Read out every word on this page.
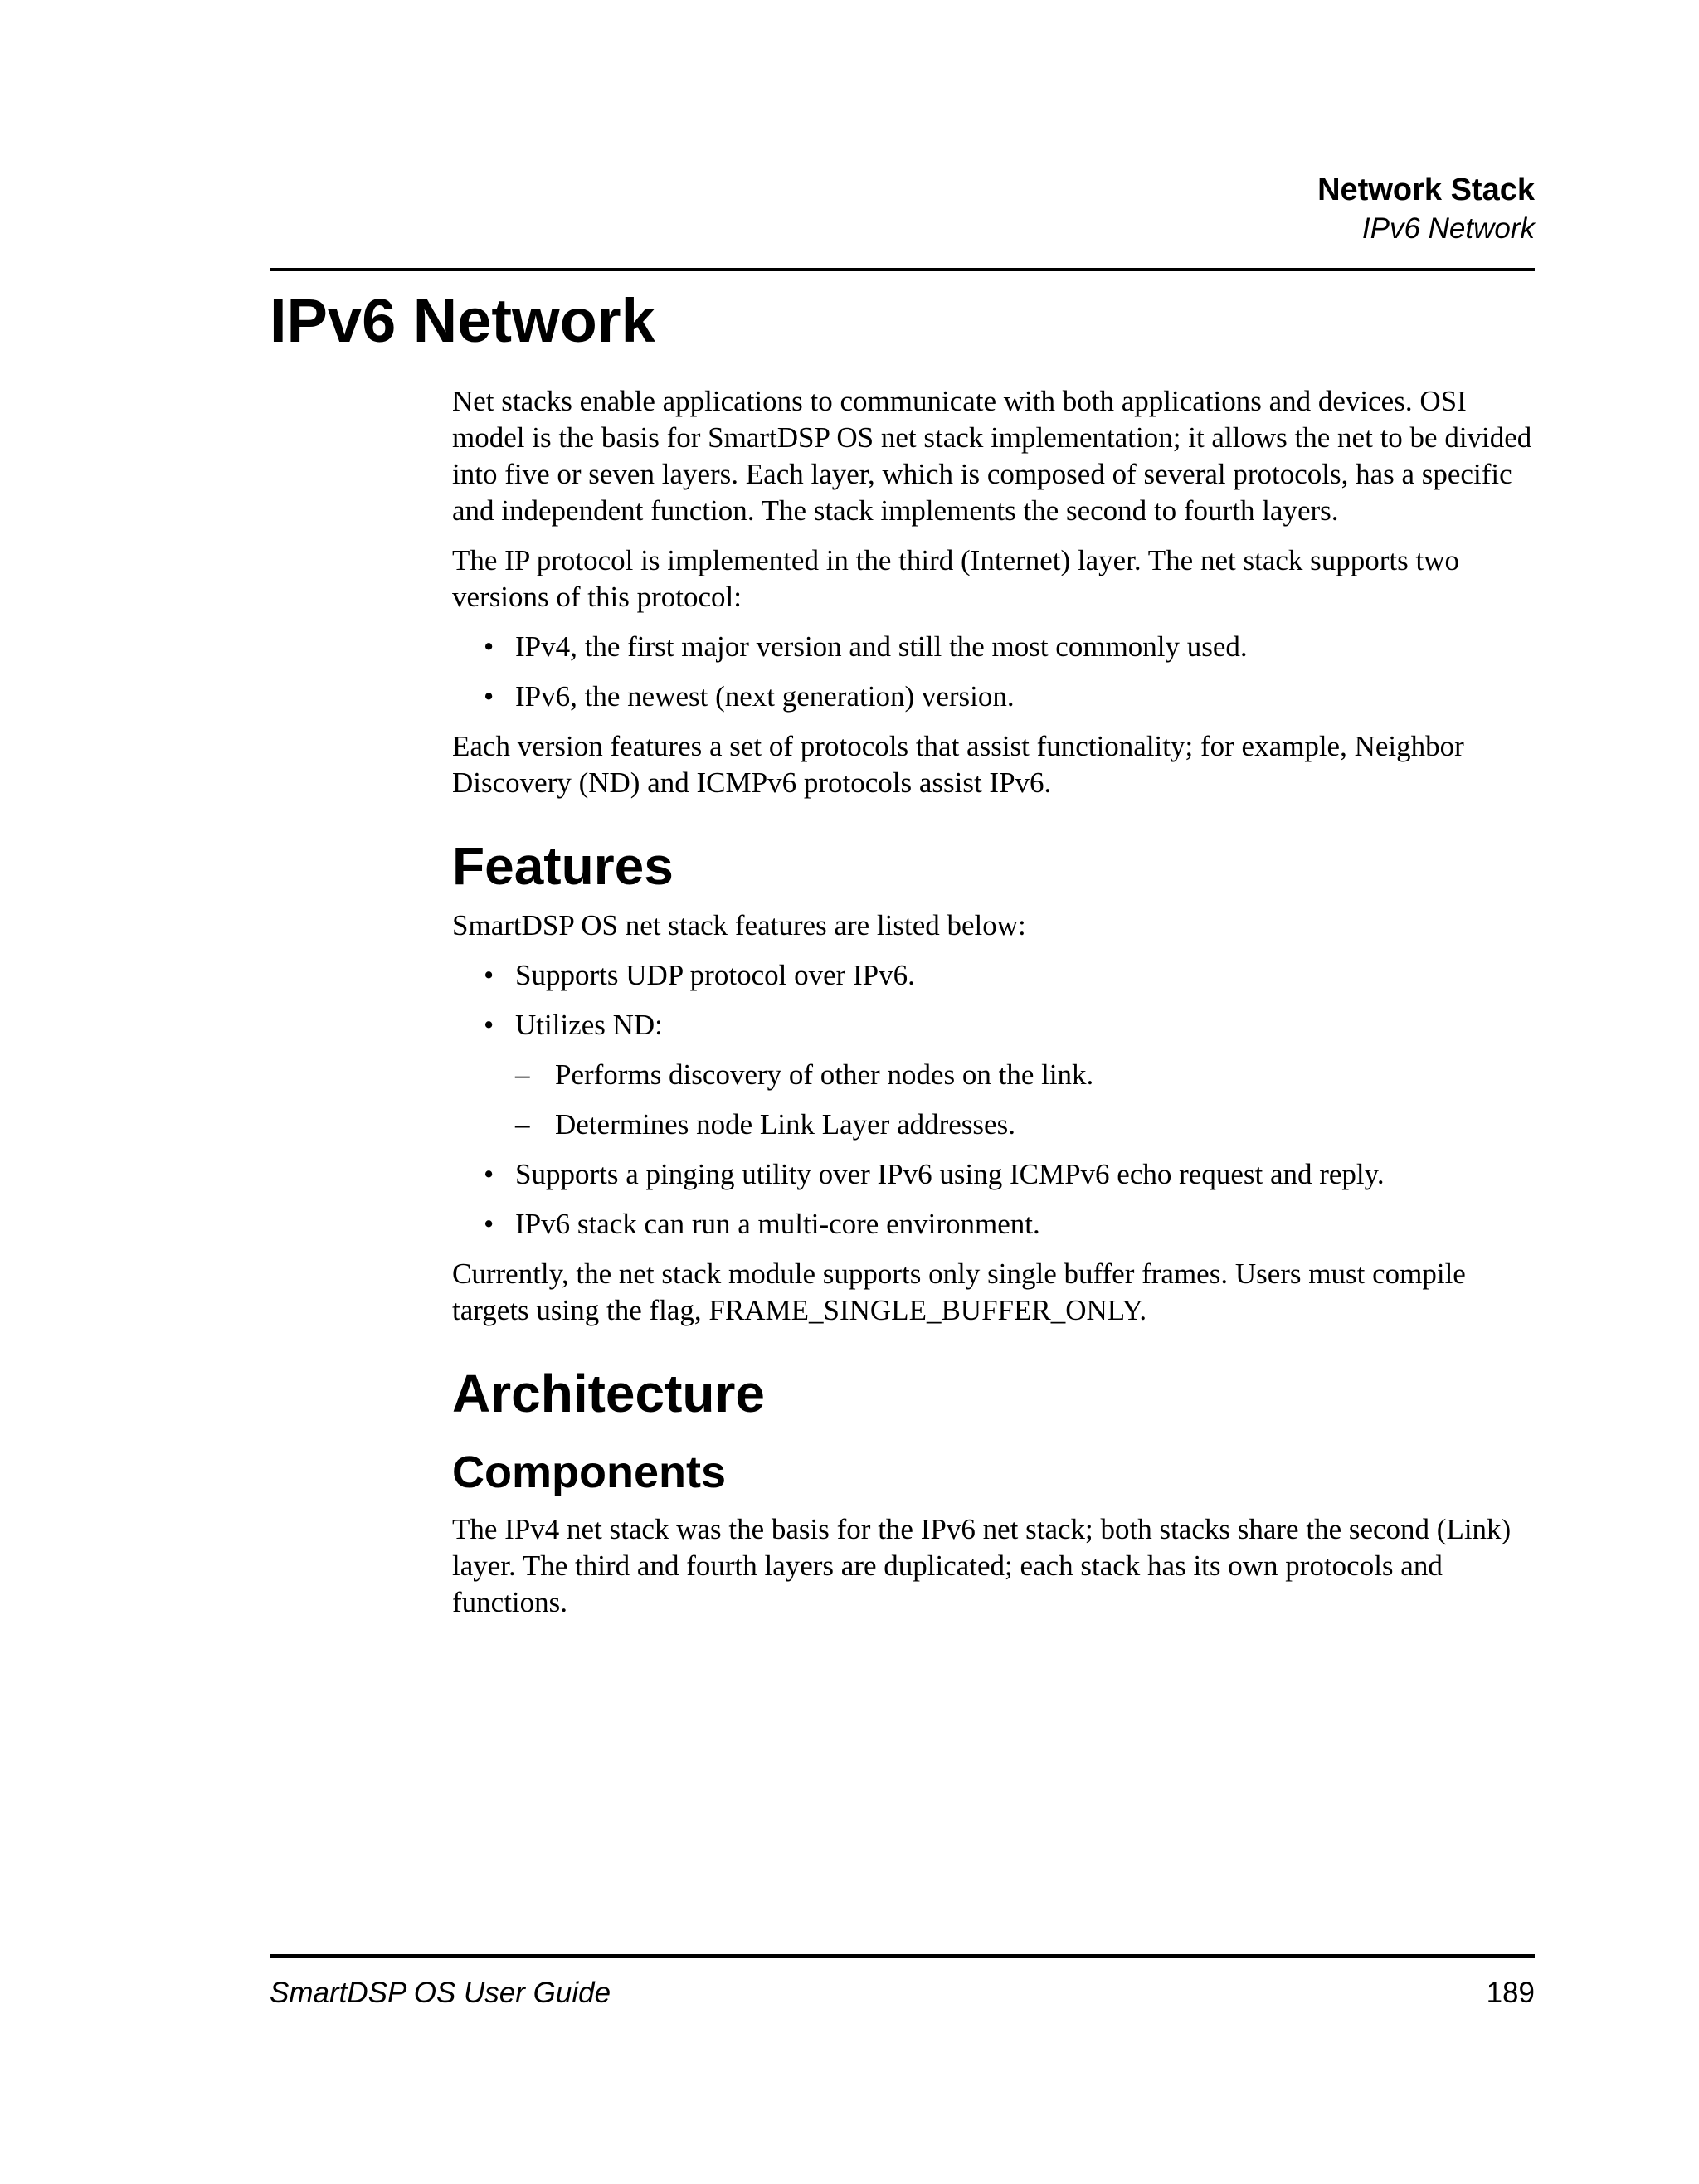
Network Stack
IPv6 Network
IPv6 Network

Net stacks enable applications to communicate with both applications and devices. OSI model is the basis for SmartDSP OS net stack implementation; it allows the net to be divided into five or seven layers. Each layer, which is composed of several protocols, has a specific and independent function. The stack implements the second to fourth layers.

The IP protocol is implemented in the third (Internet) layer. The net stack supports two versions of this protocol:

• IPv4, the first major version and still the most commonly used.
• IPv6, the newest (next generation) version.

Each version features a set of protocols that assist functionality; for example, Neighbor Discovery (ND) and ICMPv6 protocols assist IPv6.

Features

SmartDSP OS net stack features are listed below:

• Supports UDP protocol over IPv6.
• Utilizes ND:
– Performs discovery of other nodes on the link.
– Determines node Link Layer addresses.
• Supports a pinging utility over IPv6 using ICMPv6 echo request and reply.
• IPv6 stack can run a multi-core environment.

Currently, the net stack module supports only single buffer frames. Users must compile targets using the flag, FRAME_SINGLE_BUFFER_ONLY.

Architecture
Components

The IPv4 net stack was the basis for the IPv6 net stack; both stacks share the second (Link) layer. The third and fourth layers are duplicated; each stack has its own protocols and functions.

SmartDSP OS User Guide	189
